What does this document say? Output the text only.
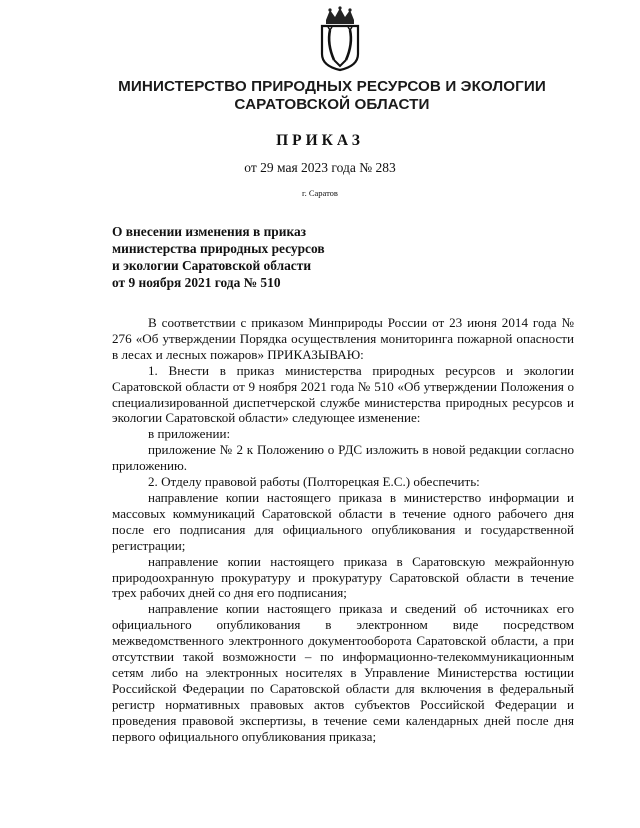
МИНИСТЕРСТВО ПРИРОДНЫХ РЕСУРСОВ И ЭКОЛОГИИ
САРАТОВСКОЙ ОБЛАСТИ
ПРИКАЗ
от 29 мая 2023 года № 283
г. Саратов
О внесении изменения в приказ
министерства природных ресурсов
и экологии Саратовской области
от 9 ноября 2021 года № 510

В соответствии с приказом Минприроды России от 23 июня 2014 года № 276 «Об утверждении Порядка осуществления мониторинга пожарной опасности в лесах и лесных пожаров» ПРИКАЗЫВАЮ:

1. Внести в приказ министерства природных ресурсов и экологии Саратовской области от 9 ноября 2021 года № 510 «Об утверждении Положения о специализированной диспетчерской службе министерства природных ресурсов и экологии Саратовской области» следующее изменение:

в приложении:

приложение № 2 к Положению о РДС изложить в новой редакции согласно приложению.

2. Отделу правовой работы (Полторецкая Е.С.) обеспечить:

направление копии настоящего приказа в министерство информации и массовых коммуникаций Саратовской области в течение одного рабочего дня после его подписания для официального опубликования и государственной регистрации;

направление копии настоящего приказа в Саратовскую межрайонную природоохранную прокуратуру и прокуратуру Саратовской области в течение трех рабочих дней со дня его подписания;

направление копии настоящего приказа и сведений об источниках его официального опубликования в электронном виде посредством межведомственного электронного документооборота Саратовской области, а при отсутствии такой возможности – по информационно-телекоммуникационным сетям либо на электронных носителях в Управление Министерства юстиции Российской Федерации по Саратовской области для включения в федеральный регистр нормативных правовых актов субъектов Российской Федерации и проведения правовой экспертизы, в течение семи календарных дней после дня первого официального опубликования приказа;
